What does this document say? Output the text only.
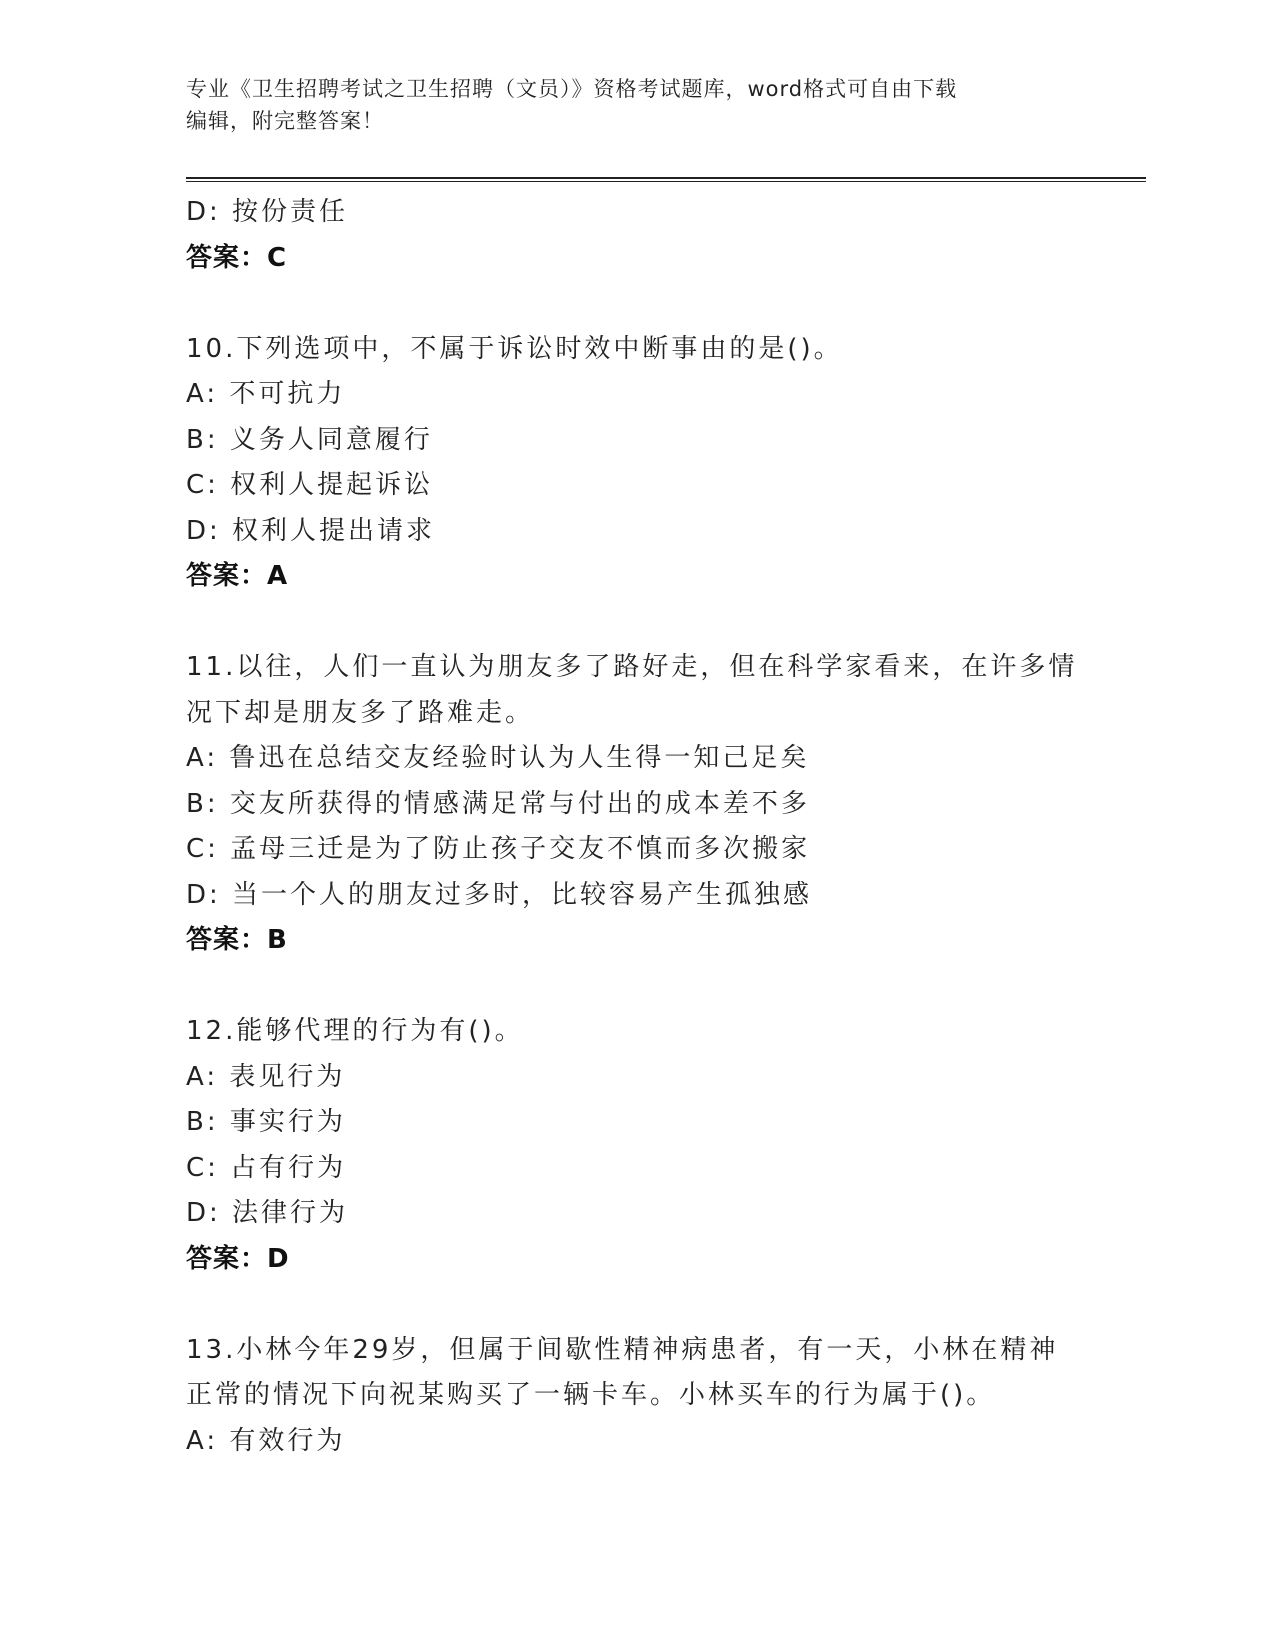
专业《卫生招聘考试之卫生招聘（文员）》资格考试题库，word格式可自由下载
编辑，附完整答案！
D: 按份责任
答案：C
10.下列选项中，不属于诉讼时效中断事由的是()。
A: 不可抗力
B: 义务人同意履行
C: 权利人提起诉讼
D: 权利人提出请求
答案：A
11.以往，人们一直认为朋友多了路好走，但在科学家看来，在许多情
况下却是朋友多了路难走。
A: 鲁迅在总结交友经验时认为人生得一知己足矣
B: 交友所获得的情感满足常与付出的成本差不多
C: 孟母三迁是为了防止孩子交友不慎而多次搬家
D: 当一个人的朋友过多时，比较容易产生孤独感
答案：B
12.能够代理的行为有()。
A: 表见行为
B: 事实行为
C: 占有行为
D: 法律行为
答案：D
13.小林今年29岁，但属于间歇性精神病患者，有一天，小林在精神
正常的情况下向祝某购买了一辆卡车。小林买车的行为属于()。
A: 有效行为
